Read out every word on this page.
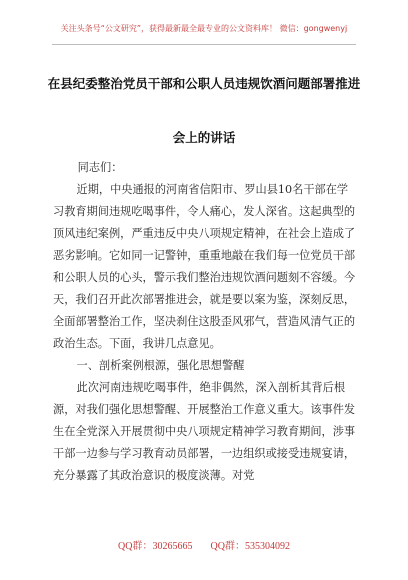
关注头条号“公文研究”，获得最新最全最专业的公文资料库！ 微信：gongwenyj
在县纪委整治党员干部和公职人员违规饮酒问题部署推进
会上的讲话

同志们：

近期，中央通报的河南省信阳市、罗山县10名干部在学习教育期间违规吃喝事件，令人痛心，发人深省。这起典型的顶风违纪案例，严重违反中央八项规定精神，在社会上造成了恶劣影响。它如同一记警钟，重重地敲在我们每一位党员干部和公职人员的心头，警示我们整治违规饮酒问题刻不容缓。今天，我们召开此次部署推进会，就是要以案为鉴，深刻反思，全面部署整治工作，坚决刹住这股歪风邪气，营造风清气正的政治生态。下面，我讲几点意见。

一、剖析案例根源，强化思想警醒

此次河南违规吃喝事件，绝非偶然，深入剖析其背后根源，对我们强化思想警醒、开展整治工作意义重大。该事件发生在全党深入开展贯彻中央八项规定精神学习教育期间，涉事干部一边参与学习教育动员部署，一边组织或接受违规宴请，充分暴露了其政治意识的极度淡薄。对党

QQ群：30265665 QQ群：535304092
